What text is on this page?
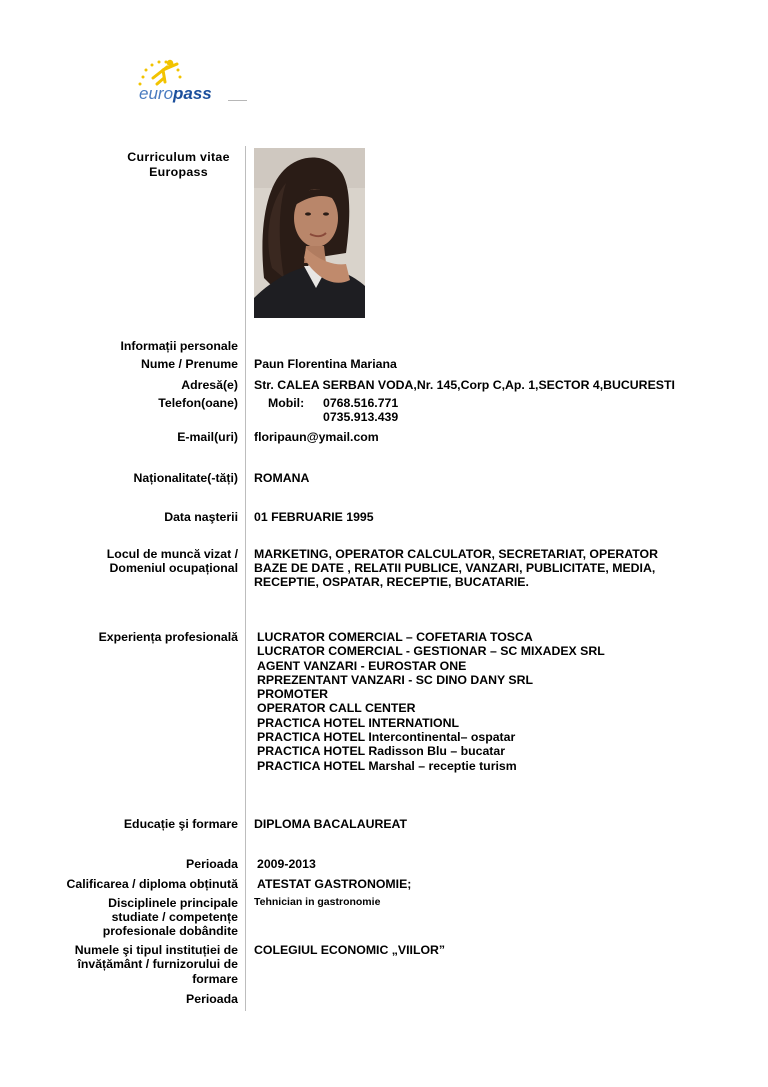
euro pass
Curriculum vitae
Europass
Informații personale
Nume / Prenume Paun Florentina Mariana
Adresă(e) Str. CALEA SERBAN VODA,Nr. 145,Corp C,Ap. 1,SECTOR 4,BUCURESTI
Telefon(oane) Mobil: 0768.516.771
0735.913.439
E-mail(uri) floripaun@ymail.com
Naționalitate(-tăți) ROMANA
Data naşterii 01 FEBRUARIE 1995
Locul de muncă vizat /
Domeniul ocupațional
MARKETING, OPERATOR CALCULATOR, SECRETARIAT, OPERATOR
BAZE DE DATE , RELATII PUBLICE, VANZARI, PUBLICITATE, MEDIA,
RECEPTIE, OSPATAR, RECEPTIE, BUCATARIE.
Experiența profesională LUCRATOR COMERCIAL – COFETARIA TOSCA
LUCRATOR COMERCIAL - GESTIONAR – SC MIXADEX SRL
AGENT VANZARI - EUROSTAR ONE
RPREZENTANT VANZARI - SC DINO DANY SRL
PROMOTER
OPERATOR CALL CENTER
PRACTICA HOTEL INTERNATIONL
PRACTICA HOTEL Intercontinental– ospatar
PRACTICA HOTEL Radisson Blu – bucatar
PRACTICA HOTEL Marshal – receptie turism
Educație şi formare DIPLOMA BACALAUREAT
Perioada 2009-2013
Calificarea / diploma obținută ATESTAT GASTRONOMIE;
Disciplinele principale
studiate / competențe
profesionale dobândite
Tehnician in gastronomie
Numele şi tipul instituției de
învățământ / furnizorului de
formare
COLEGIUL ECONOMIC „VIILOR”
Perioada
